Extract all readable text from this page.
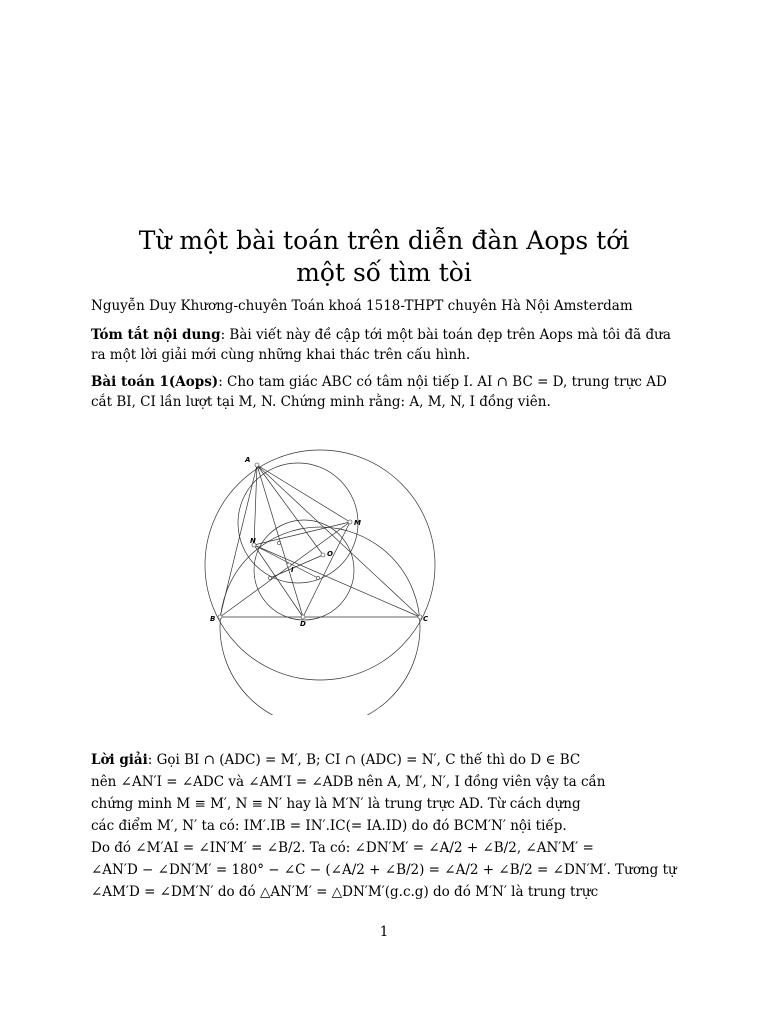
Từ một bài toán trên diễn đàn Aops tới
một số tìm tòi
Nguyễn Duy Khương-chuyên Toán khoá 1518-THPT chuyên Hà Nội Amsterdam
Tóm tắt nội dung: Bài viết này đề cập tới một bài toán đẹp trên Aops mà tôi đã đưa ra một lời giải mới cùng những khai thác trên cấu hình.
Bài toán 1(Aops): Cho tam giác ABC có tâm nội tiếp I. AI ∩ BC = D, trung trực AD cắt BI, CI lần lượt tại M, N. Chứng minh rằng: A, M, N, I đồng viên.
A
M
N
O
I
B
D
C
Lời giải: Gọi BI ∩ (ADC) = M′, B; CI ∩ (ADC) = N′, C thế thì do D ∈ BC
nên ∠AN′I = ∠ADC và ∠AM′I = ∠ADB nên A, M′, N′, I đồng viên vậy ta cần
chứng minh M ≡ M′, N ≡ N′ hay là M′N′ là trung trực AD. Từ cách dựng
các điểm M′, N′ ta có: IM′.IB = IN′.IC(= IA.ID) do đó BCM′N′ nội tiếp.
Do đó ∠M′AI = ∠IN′M′ = ∠B/2. Ta có: ∠DN′M′ = ∠A/2 + ∠B/2, ∠AN′M′ =
∠AN′D − ∠DN′M′ = 180° − ∠C − (∠A/2 + ∠B/2) = ∠A/2 + ∠B/2 = ∠DN′M′. Tương tự
∠AM′D = ∠DM′N′ do đó △AN′M′ = △DN′M′(g.c.g) do đó M′N′ là trung trực
1
